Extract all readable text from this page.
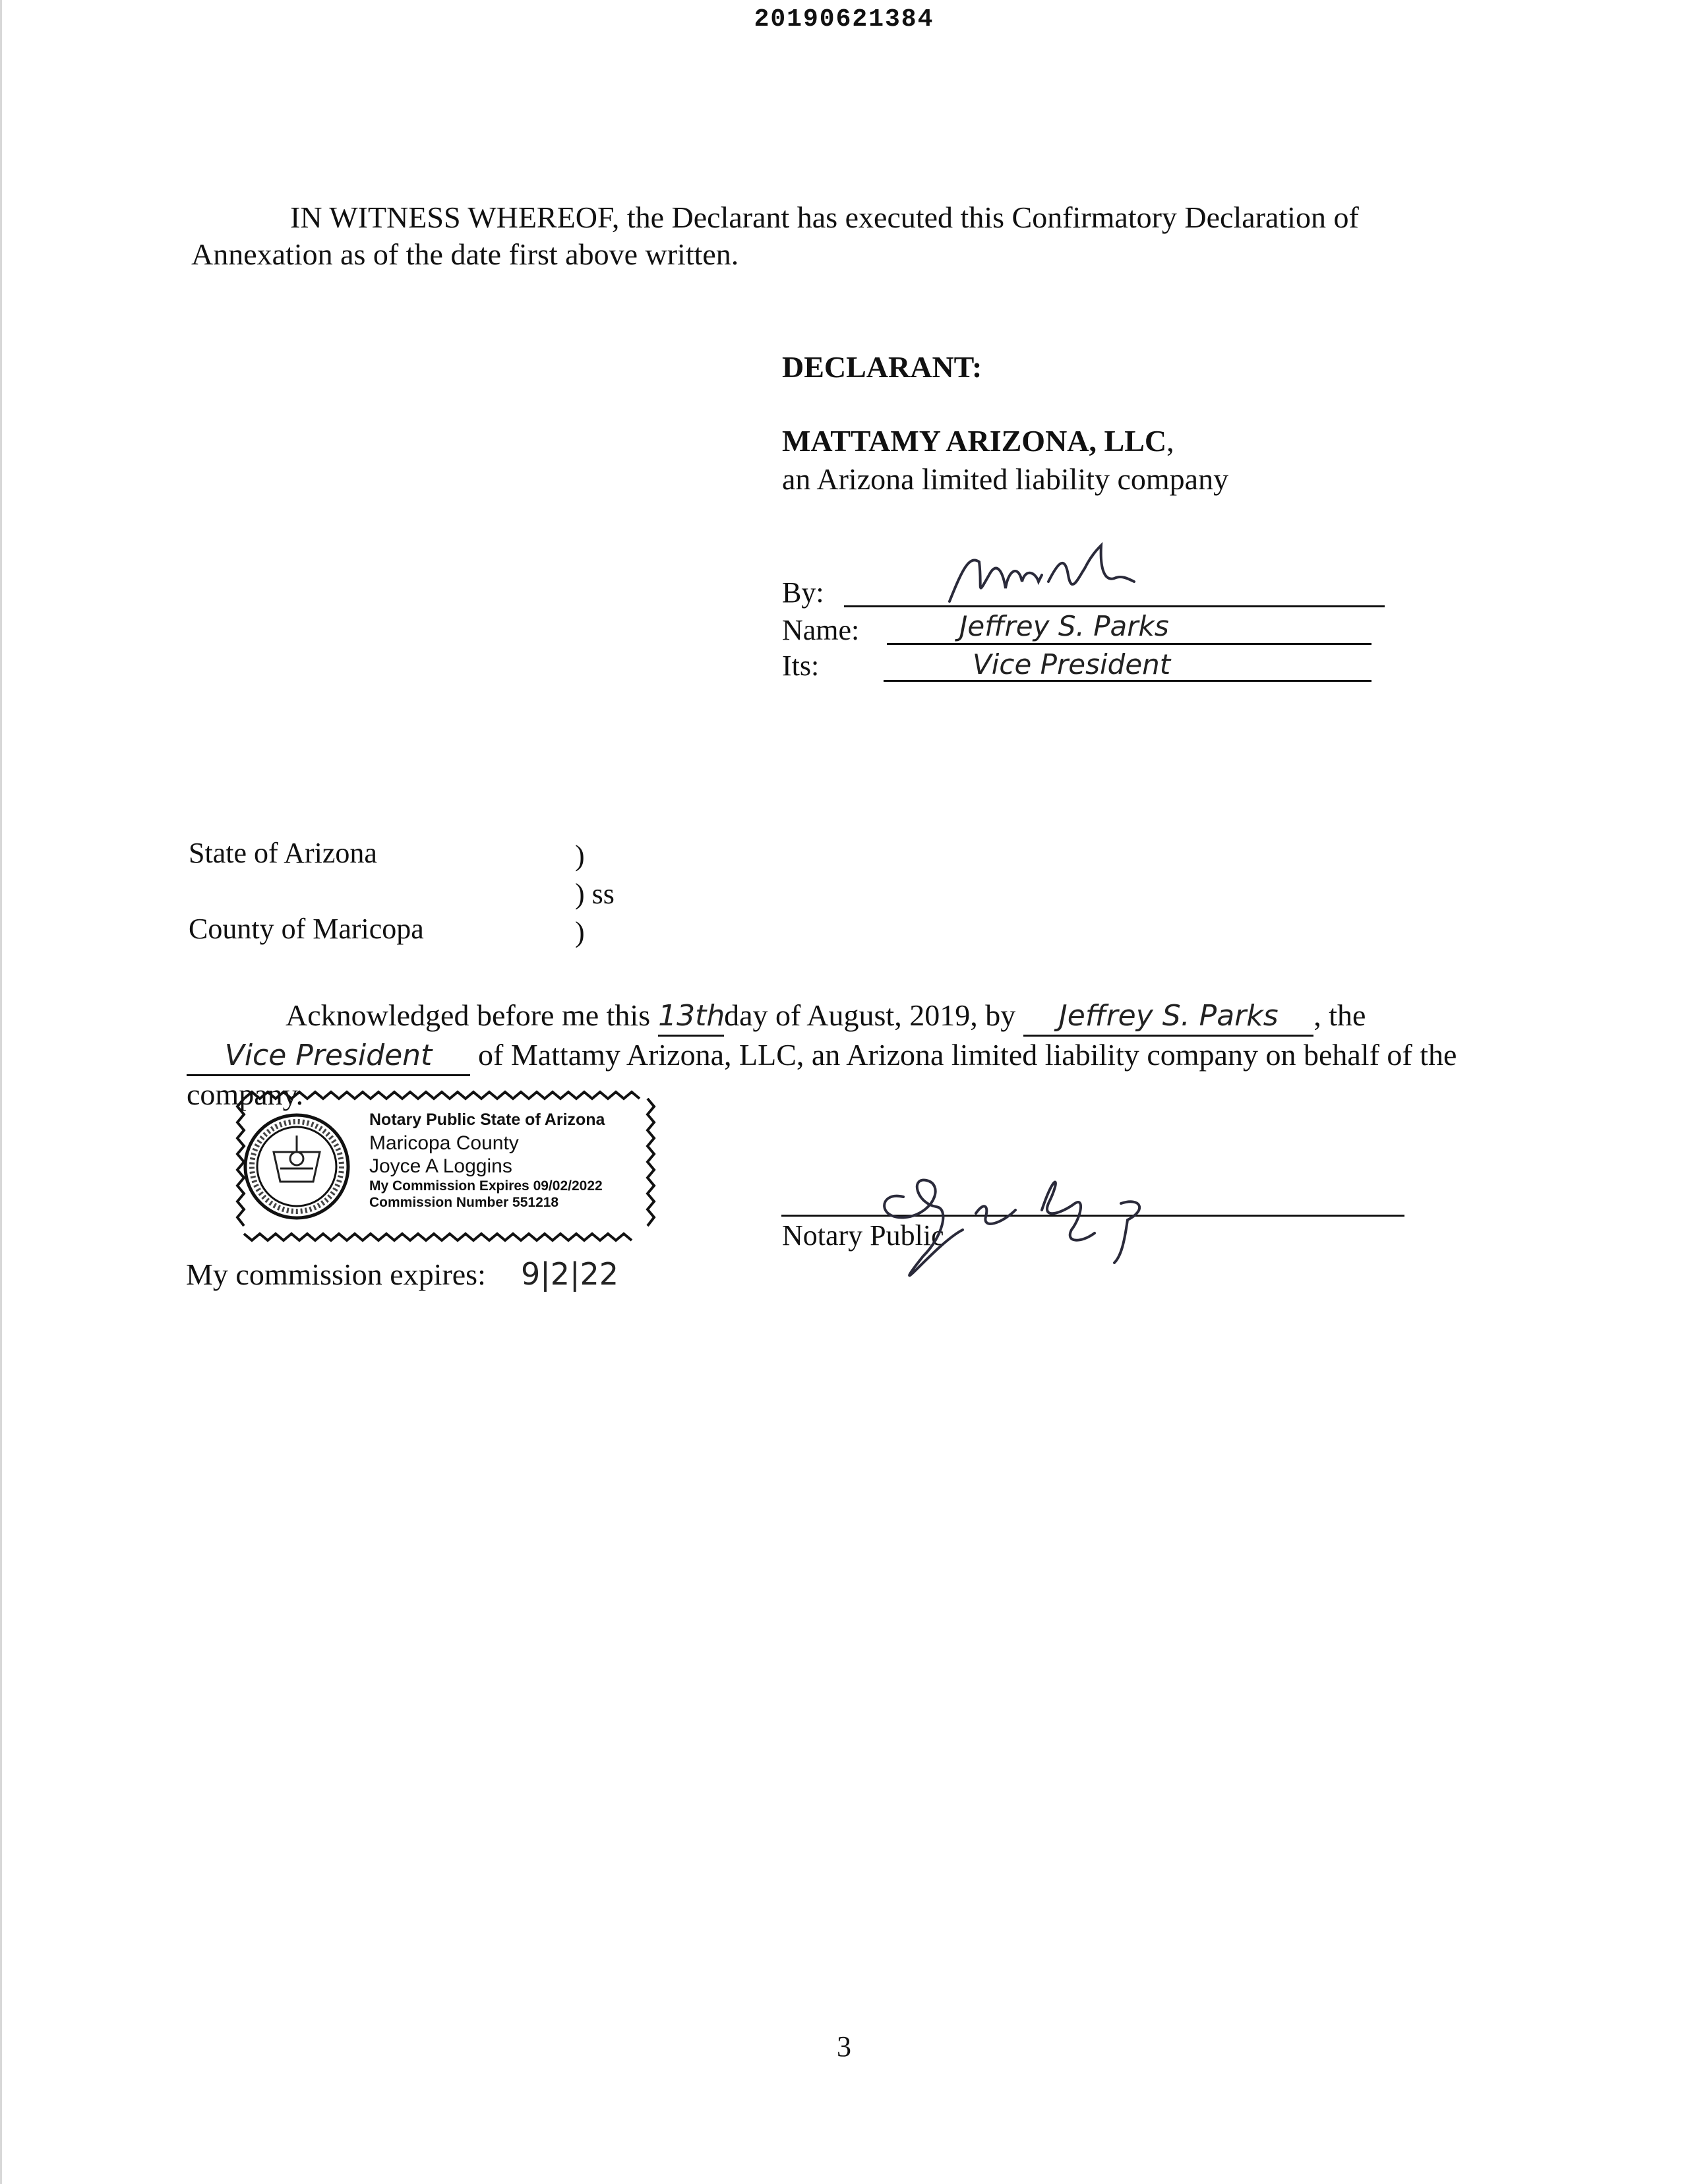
20190621384
IN WITNESS WHEREOF, the Declarant has executed this Confirmatory Declaration of Annexation as of the date first above written.
DECLARANT:
MATTAMY ARIZONA, LLC,
an Arizona limited liability company
By:
Name:	Jeffrey S. Parks
Its:	Vice President
State of Arizona	)
) ss
County of Maricopa	)
Acknowledged before me this 13thday of August, 2019, by Jeffrey S. Parks , the Vice President of Mattamy Arizona, LLC, an Arizona limited liability company on behalf of the company.
Notary Public State of Arizona
Maricopa County
Joyce A Loggins
My Commission Expires 09/02/2022
Commission Number 551218
My commission expires: 9|2|22
Notary Public
3
